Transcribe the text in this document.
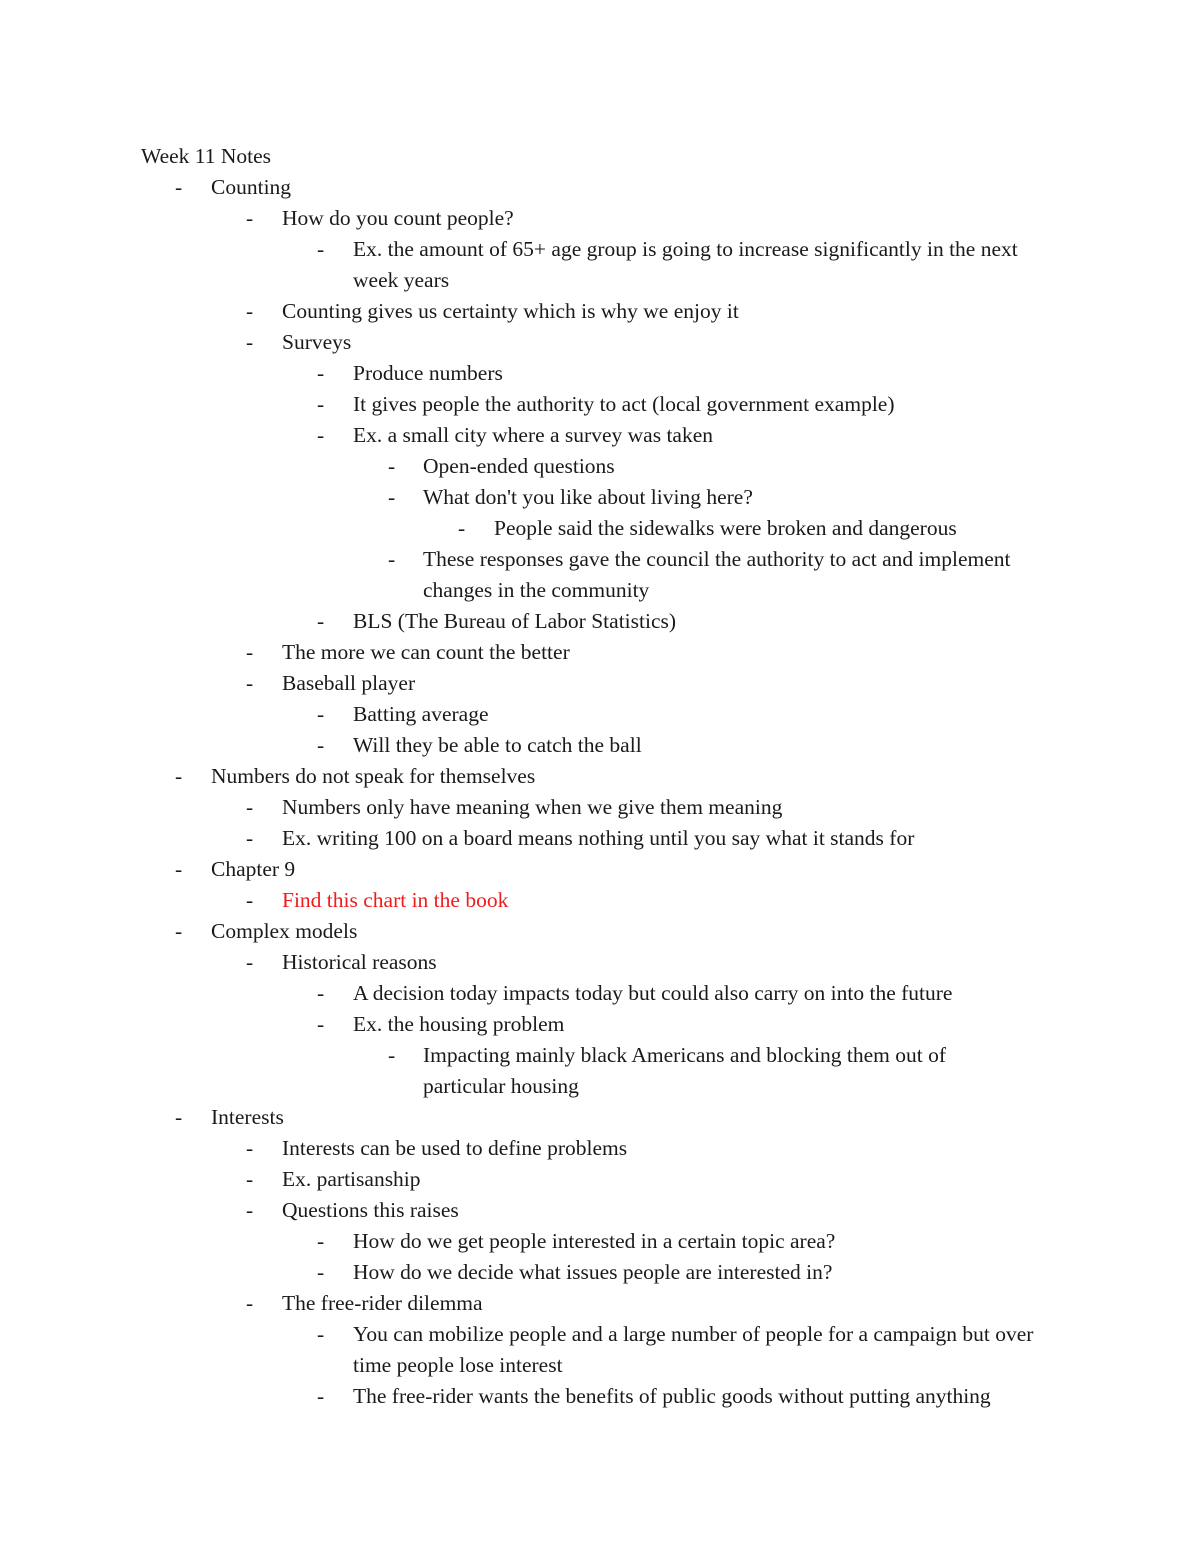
Week 11 Notes
- Counting
- How do you count people?
- Ex. the amount of 65+ age group is going to increase significantly in the next week years
- Counting gives us certainty which is why we enjoy it
- Surveys
- Produce numbers
- It gives people the authority to act (local government example)
- Ex. a small city where a survey was taken
- Open-ended questions
- What don't you like about living here?
- People said the sidewalks were broken and dangerous
- These responses gave the council the authority to act and implement changes in the community
- BLS (The Bureau of Labor Statistics)
- The more we can count the better
- Baseball player
- Batting average
- Will they be able to catch the ball
- Numbers do not speak for themselves
- Numbers only have meaning when we give them meaning
- Ex. writing 100 on a board means nothing until you say what it stands for
- Chapter 9
- Find this chart in the book
- Complex models
- Historical reasons
- A decision today impacts today but could also carry on into the future
- Ex. the housing problem
- Impacting mainly black Americans and blocking them out of particular housing
- Interests
- Interests can be used to define problems
- Ex. partisanship
- Questions this raises
- How do we get people interested in a certain topic area?
- How do we decide what issues people are interested in?
- The free-rider dilemma
- You can mobilize people and a large number of people for a campaign but over time people lose interest
- The free-rider wants the benefits of public goods without putting anything
